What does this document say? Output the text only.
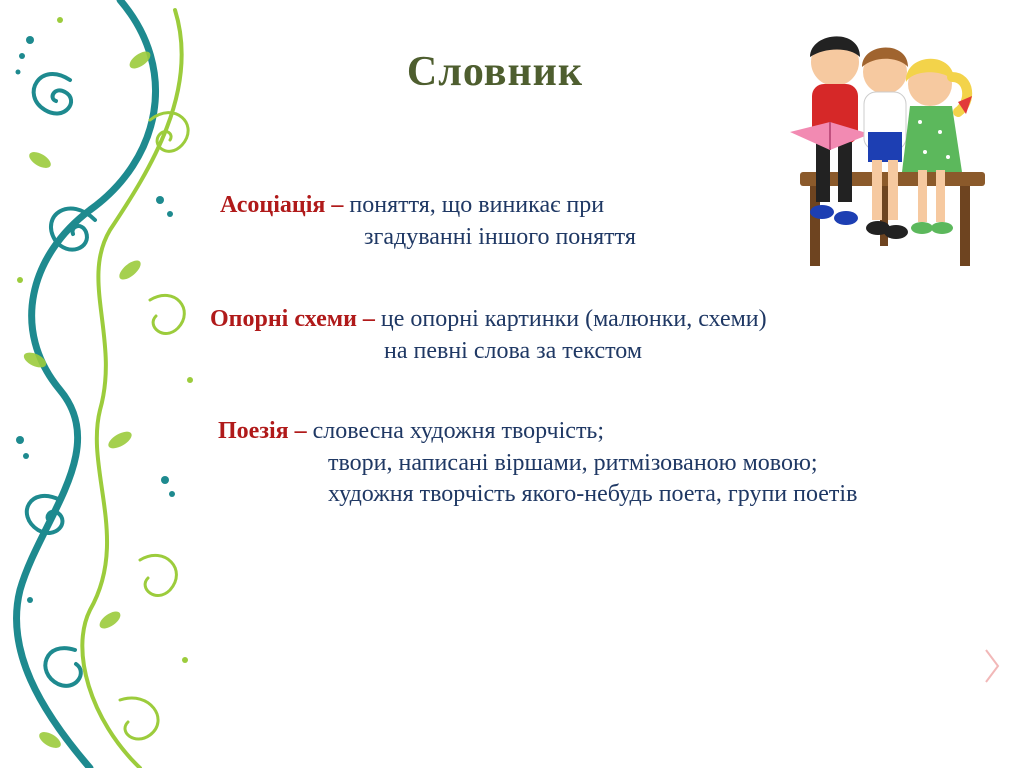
Словник
Асоціація – поняття, що виникає при
згадуванні іншого поняття
Опорні схеми – це опорні картинки (малюнки, схеми)
на певні слова за текстом
Поезія – словесна художня творчість;
твори, написані віршами, ритмізованою мовою;
художня творчість якого-небудь поета, групи поетів
